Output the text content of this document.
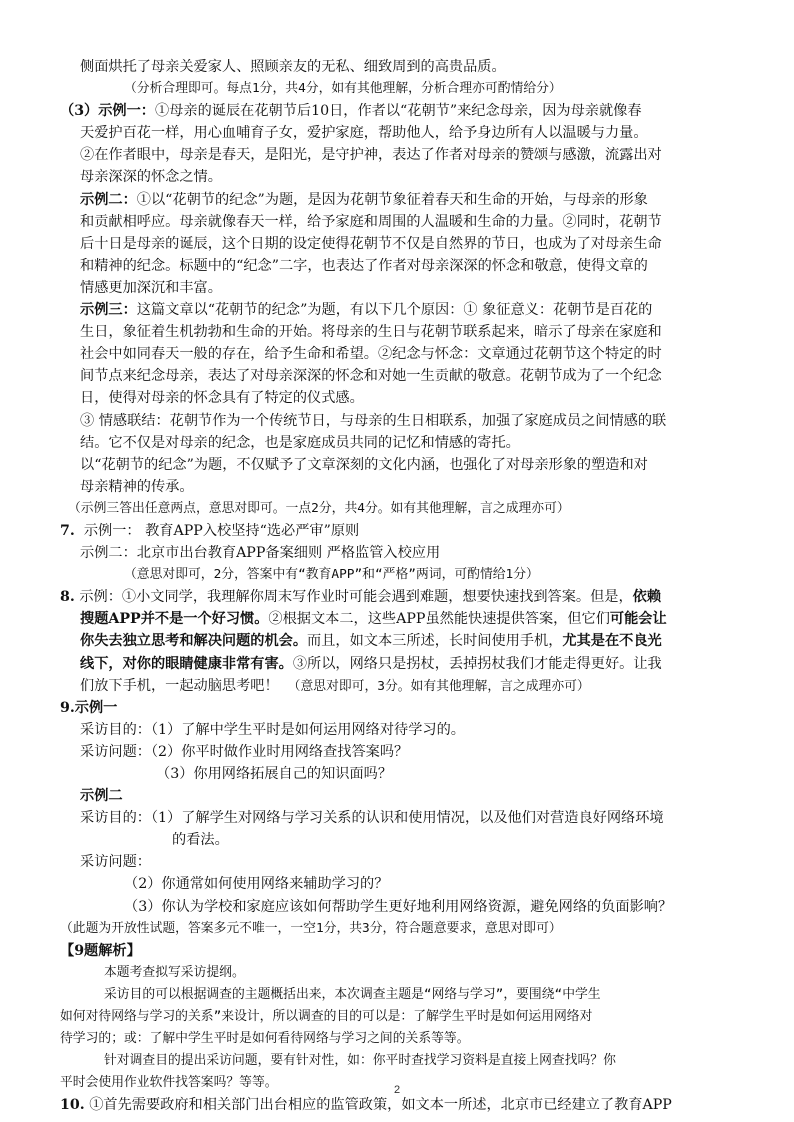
侧面烘托了母亲关爱家人、照顾亲友的无私、细致周到的高贵品质。
（分析合理即可。每点1分，共4分，如有其他理解，分析合理亦可酌情给分）
（3）示例一：①母亲的诞辰在花朝节后10日，作者以“花朝节”来纪念母亲，因为母亲就像春
天爱护百花一样，用心血哺育子女，爱护家庭，帮助他人，给予身边所有人以温暖与力量。
②在作者眼中，母亲是春天，是阳光，是守护神，表达了作者对母亲的赞颂与感激，流露出对
母亲深深的怀念之情。
示例二：①以“花朝节的纪念”为题，是因为花朝节象征着春天和生命的开始，与母亲的形象
和贡献相呼应。母亲就像春天一样，给予家庭和周围的人温暖和生命的力量。②同时，花朝节
后十日是母亲的诞辰，这个日期的设定使得花朝节不仅是自然界的节日，也成为了对母亲生命
和精神的纪念。标题中的“纪念”二字，也表达了作者对母亲深深的怀念和敬意，使得文章的
情感更加深沉和丰富。
示例三：这篇文章以“花朝节的纪念”为题，有以下几个原因：① 象征意义：花朝节是百花的
生日，象征着生机勃勃和生命的开始。将母亲的生日与花朝节联系起来，暗示了母亲在家庭和
社会中如同春天一般的存在，给予生命和希望。②纪念与怀念：文章通过花朝节这个特定的时
间节点来纪念母亲，表达了对母亲深深的怀念和对她一生贡献的敬意。花朝节成为了一个纪念
日，使得对母亲的怀念具有了特定的仪式感。
③ 情感联结：花朝节作为一个传统节日，与母亲的生日相联系，加强了家庭成员之间情感的联
结。它不仅是对母亲的纪念，也是家庭成员共同的记忆和情感的寄托。
以“花朝节的纪念”为题，不仅赋予了文章深刻的文化内涵，也强化了对母亲形象的塑造和对
母亲精神的传承。
（示例三答出任意两点，意思对即可。一点2分，共4分。如有其他理解，言之成理亦可）
7. 示例一： 教育APP入校坚持“选必严审”原则
示例二：北京市出台教育APP备案细则 严格监管入校应用
（意思对即可，2分，答案中有“教育APP”和“严格”两词，可酌情给1分）
8. 示例：①小文同学，我理解你周末写作业时可能会遇到难题，想要快速找到答案。但是，依赖
搜题APP并不是一个好习惯。②根据文本二，这些APP虽然能快速提供答案，但它们可能会让
你失去独立思考和解决问题的机会。而且，如文本三所述，长时间使用手机，尤其是在不良光
线下，对你的眼睛健康非常有害。③所以，网络只是拐杖，丢掉拐杖我们才能走得更好。让我
们放下手机，一起动脑思考吧！ （意思对即可，3分。如有其他理解，言之成理亦可）
9.示例一
采访目的：（1）了解中学生平时是如何运用网络对待学习的。
采访问题：（2）你平时做作业时用网络查找答案吗？
（3）你用网络拓展自己的知识面吗？
示例二
采访目的：（1）了解学生对网络与学习关系的认识和使用情况，以及他们对营造良好网络环境
的看法。
采访问题：
（2）你通常如何使用网络来辅助学习的？
（3）你认为学校和家庭应该如何帮助学生更好地利用网络资源，避免网络的负面影响？
（此题为开放性试题，答案多元不唯一，一空1分，共3分，符合题意要求，意思对即可）
【9题解析】
本题考查拟写采访提纲。
采访目的可以根据调查的主题概括出来，本次调查主题是“网络与学习”，要围绕“中学生
如何对待网络与学习的关系”来设计，所以调查的目的可以是：了解学生平时是如何运用网络对
待学习的；或：了解中学生平时是如何看待网络与学习之间的关系等等。
针对调查目的提出采访问题，要有针对性，如：你平时查找学习资料是直接上网查找吗？你
平时会使用作业软件找答案吗？等等。
10. ①首先需要政府和相关部门出台相应的监管政策，如文本一所述，北京市已经建立了教育APP
2
